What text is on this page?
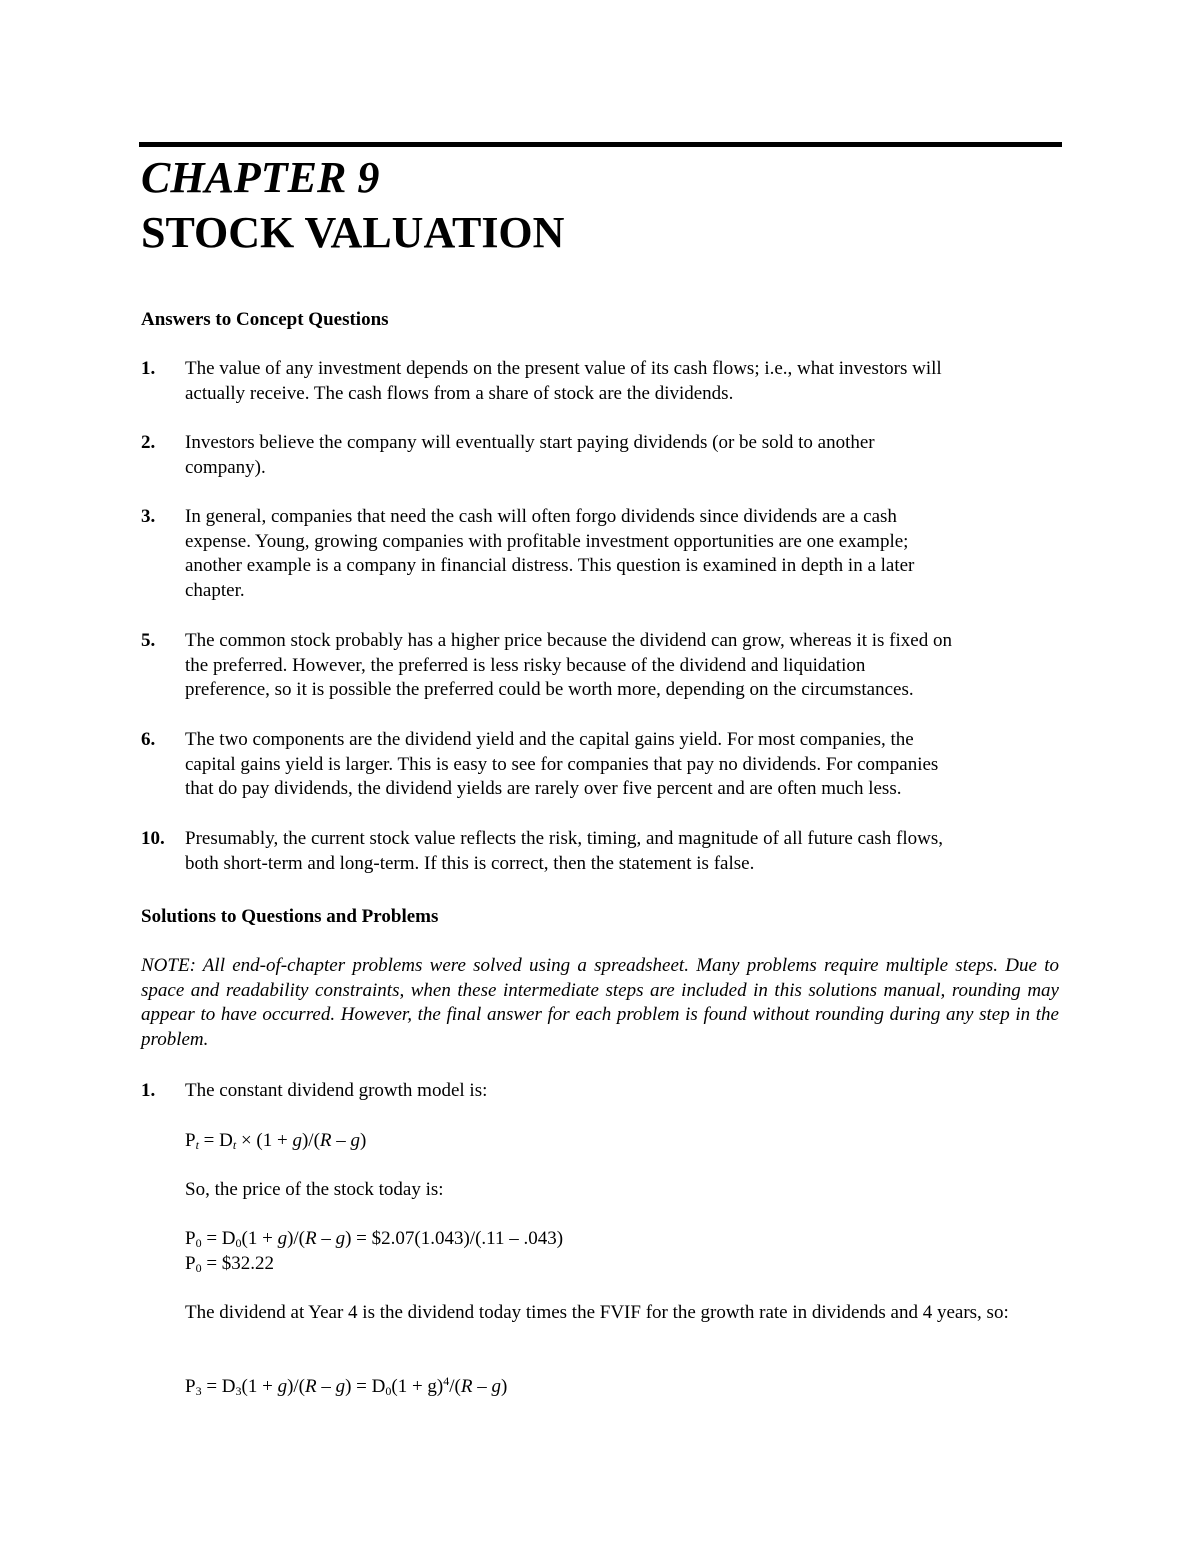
CHAPTER 9
STOCK VALUATION
Answers to Concept Questions
1. The value of any investment depends on the present value of its cash flows; i.e., what investors will
actually receive. The cash flows from a share of stock are the dividends.
2. Investors believe the company will eventually start paying dividends (or be sold to another
company).
3. In general, companies that need the cash will often forgo dividends since dividends are a cash
expense. Young, growing companies with profitable investment opportunities are one example;
another example is a company in financial distress. This question is examined in depth in a later
chapter.
5. The common stock probably has a higher price because the dividend can grow, whereas it is fixed on
the preferred. However, the preferred is less risky because of the dividend and liquidation
preference, so it is possible the preferred could be worth more, depending on the circumstances.
6. The two components are the dividend yield and the capital gains yield. For most companies, the
capital gains yield is larger. This is easy to see for companies that pay no dividends. For companies
that do pay dividends, the dividend yields are rarely over five percent and are often much less.
10. Presumably, the current stock value reflects the risk, timing, and magnitude of all future cash flows,
both short-term and long-term. If this is correct, then the statement is false.
Solutions to Questions and Problems
NOTE: All end-of-chapter problems were solved using a spreadsheet. Many problems require multiple steps. Due to space and readability constraints, when these intermediate steps are included in this solutions manual, rounding may appear to have occurred. However, the final answer for each problem is found without rounding during any step in the problem.
1. The constant dividend growth model is:
$P_t = D_t \times (1 + g)/(R - g)$
So, the price of the stock today is:
$P_0 = D_0(1 + g)/(R - g)$ = $2.07(1.043)/(.11 – .043)
$P_0$ = $32.22
The dividend at Year 4 is the dividend today times the FVIF for the growth rate in dividends and 4 years, so:
$P_3 = D_3(1 + g)/(R - g) = D_0(1 + g)^4/(R - g)$
